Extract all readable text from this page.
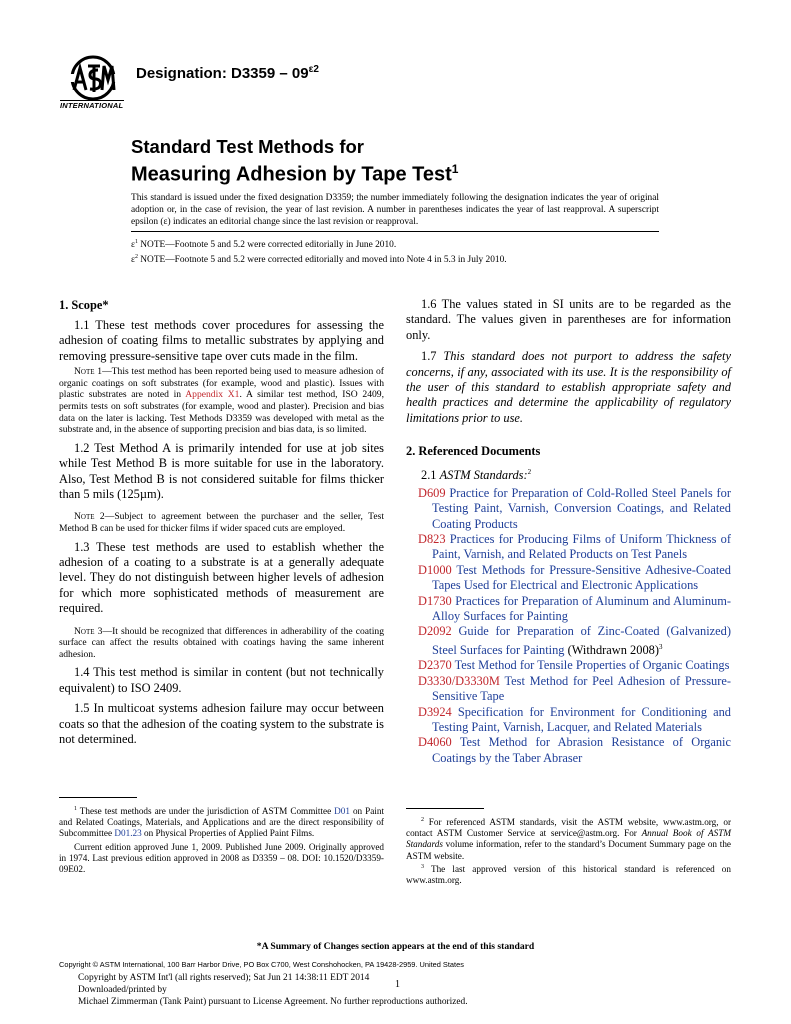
INTERNATIONAL
Designation: $D3359 - 09^{\varepsilon 2}$
Standard Test Methods for
Measuring Adhesion by Tape Test$^1$
This standard is issued under the fixed designation D3359; the number immediately following the designation indicates the year of original adoption or, in the case of revision, the year of last revision. A number in parentheses indicates the year of last reapproval. A superscript epsilon (ε) indicates an editorial change since the last revision or reapproval.
$\varepsilon^1$ NOTE—Footnote 5 and 5.2 were corrected editorially in June 2010.
$\varepsilon^2$ NOTE—Footnote 5 and 5.2 were corrected editorially and moved into Note 4 in 5.3 in July 2010.
1. Scope*

1.1 These test methods cover procedures for assessing the adhesion of coating films to metallic substrates by applying and removing pressure-sensitive tape over cuts made in the film.

Note 1—This test method has been reported being used to measure adhesion of organic coatings on soft substrates (for example, wood and plastic). Issues with plastic substrates are noted in Appendix X1. A similar test method, ISO 2409, permits tests on soft substrates (for example, wood and plaster). Precision and bias data on the later is lacking. Test Methods D3359 was developed with metal as the substrate and, in the absence of supporting precision and bias data, is so limited.

1.2 Test Method A is primarily intended for use at job sites while Test Method B is more suitable for use in the laboratory. Also, Test Method B is not considered suitable for films thicker than 5 mils (125µm).

Note 2—Subject to agreement between the purchaser and the seller, Test Method B can be used for thicker films if wider spaced cuts are employed.

1.3 These test methods are used to establish whether the adhesion of a coating to a substrate is at a generally adequate level. They do not distinguish between higher levels of adhesion for which more sophisticated methods of measurement are required.

Note 3—It should be recognized that differences in adherability of the coating surface can affect the results obtained with coatings having the same inherent adhesion.

1.4 This test method is similar in content (but not technically equivalent) to ISO 2409.

1.5 In multicoat systems adhesion failure may occur between coats so that the adhesion of the coating system to the substrate is not determined.

$^1$ These test methods are under the jurisdiction of ASTM Committee D01 on Paint and Related Coatings, Materials, and Applications and are the direct responsibility of Subcommittee D01.23 on Physical Properties of Applied Paint Films.

Current edition approved June 1, 2009. Published June 2009. Originally approved in 1974. Last previous edition approved in 2008 as D3359 – 08. DOI: 10.1520/D3359-09E02.

1.6 The values stated in SI units are to be regarded as the standard. The values given in parentheses are for information only.

1.7 This standard does not purport to address the safety concerns, if any, associated with its use. It is the responsibility of the user of this standard to establish appropriate safety and health practices and determine the applicability of regulatory limitations prior to use.

2. Referenced Documents

2.1 ASTM Standards:$^2$

D609 Practice for Preparation of Cold-Rolled Steel Panels for Testing Paint, Varnish, Conversion Coatings, and Related Coating Products
D823 Practices for Producing Films of Uniform Thickness of Paint, Varnish, and Related Products on Test Panels
D1000 Test Methods for Pressure-Sensitive Adhesive-Coated Tapes Used for Electrical and Electronic Applications
D1730 Practices for Preparation of Aluminum and Aluminum-Alloy Surfaces for Painting
D2092 Guide for Preparation of Zinc-Coated (Galvanized) Steel Surfaces for Painting (Withdrawn 2008)$^3$
D2370 Test Method for Tensile Properties of Organic Coatings
D3330/D3330M Test Method for Peel Adhesion of Pressure-Sensitive Tape
D3924 Specification for Environment for Conditioning and Testing Paint, Varnish, Lacquer, and Related Materials
D4060 Test Method for Abrasion Resistance of Organic Coatings by the Taber Abraser

$^2$ For referenced ASTM standards, visit the ASTM website, www.astm.org, or contact ASTM Customer Service at service@astm.org. For Annual Book of ASTM Standards volume information, refer to the standard’s Document Summary page on the ASTM website.

$^3$ The last approved version of this historical standard is referenced on www.astm.org.

*A Summary of Changes section appears at the end of this standard
Copyright © ASTM International, 100 Barr Harbor Drive, PO Box C700, West Conshohocken, PA 19428-2959. United States
Copyright by ASTM Int'l (all rights reserved); Sat Jun 21 14:38:11 EDT 2014
1
Downloaded/printed by
Michael Zimmerman (Tank Paint) pursuant to License Agreement. No further reproductions authorized.
